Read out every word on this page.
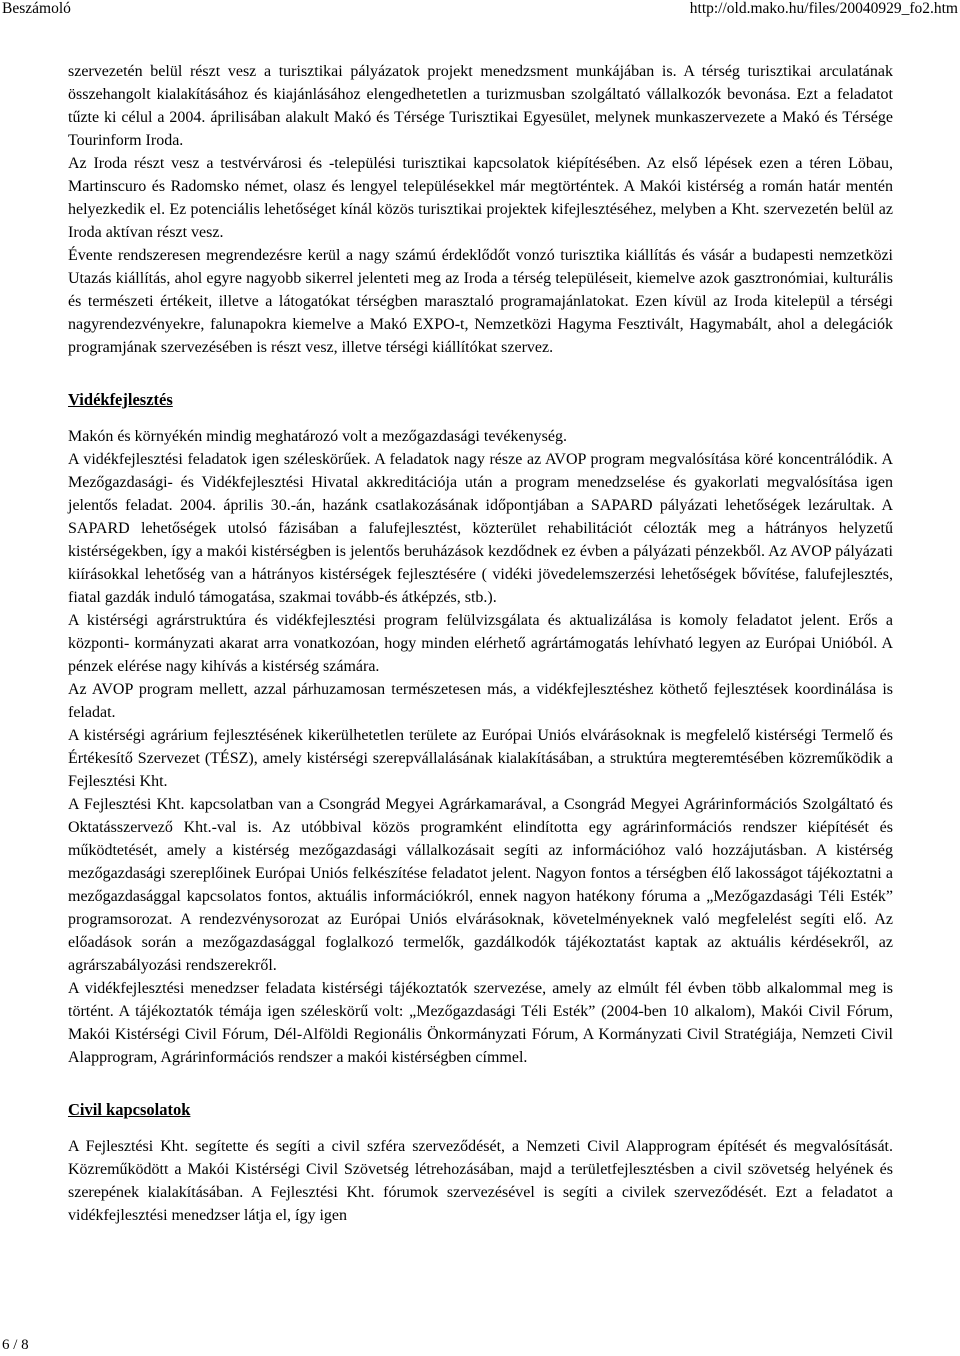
Beszámoló	http://old.mako.hu/files/20040929_fo2.htm

szervezetén belül részt vesz a turisztikai pályázatok projekt menedzsment munkájában is. A térség turisztikai arculatának összehangolt kialakításához és kiajánlásához elengedhetetlen a turizmusban szolgáltató vállalkozók bevonása. Ezt a feladatot tűzte ki célul a 2004. áprilisában alakult Makó és Térsége Turisztikai Egyesület, melynek munkaszervezete a Makó és Térsége Tourinform Iroda.

Az Iroda részt vesz a testvérvárosi és -települési turisztikai kapcsolatok kiépítésében. Az első lépések ezen a téren Löbau, Martinscuro és Radomsko német, olasz és lengyel településekkel már megtörténtek. A Makói kistérség a román határ mentén helyezkedik el. Ez potenciális lehetőséget kínál közös turisztikai projektek kifejlesztéséhez, melyben a Kht. szervezetén belül az Iroda aktívan részt vesz.

Évente rendszeresen megrendezésre kerül a nagy számú érdeklődőt vonzó turisztika kiállítás és vásár a budapesti nemzetközi Utazás kiállítás, ahol egyre nagyobb sikerrel jelenteti meg az Iroda a térség településeit, kiemelve azok gasztronómiai, kulturális és természeti értékeit, illetve a látogatókat térségben marasztaló programajánlatokat. Ezen kívül az Iroda kitelepül a térségi nagyrendezvényekre, falunapokra kiemelve a Makó EXPO-t, Nemzetközi Hagyma Fesztivált, Hagymabált, ahol a delegációk programjának szervezésében is részt vesz, illetve térségi kiállítókat szervez.

Vidékfejlesztés

Makón és környékén mindig meghatározó volt a mezőgazdasági tevékenység.

A vidékfejlesztési feladatok igen széleskörűek. A feladatok nagy része az AVOP program megvalósítása köré koncentrálódik. A Mezőgazdasági- és Vidékfejlesztési Hivatal akkreditációja után a program menedzselése és gyakorlati megvalósítása igen jelentős feladat. 2004. április 30.-án, hazánk csatlakozásának időpontjában a SAPARD pályázati lehetőségek lezárultak. A SAPARD lehetőségek utolsó fázisában a falufejlesztést, közterület rehabilitációt célozták meg a hátrányos helyzetű kistérségekben, így a makói kistérségben is jelentős beruházások kezdődnek ez évben a pályázati pénzekből. Az AVOP pályázati kiírásokkal lehetőség van a hátrányos kistérségek fejlesztésére ( vidéki jövedelemszerzési lehetőségek bővítése, falufejlesztés, fiatal gazdák induló támogatása, szakmai tovább-és átképzés, stb.).

A kistérségi agrárstruktúra és vidékfejlesztési program felülvizsgálata és aktualizálása is komoly feladatot jelent. Erős a központi- kormányzati akarat arra vonatkozóan, hogy minden elérhető agrártámogatás lehívható legyen az Európai Unióból. A pénzek elérése nagy kihívás a kistérség számára.

Az AVOP program mellett, azzal párhuzamosan természetesen más, a vidékfejlesztéshez köthető fejlesztések koordinálása is feladat.

A kistérségi agrárium fejlesztésének kikerülhetetlen területe az Európai Uniós elvárásoknak is megfelelő kistérségi Termelő és Értékesítő Szervezet (TÉSZ), amely kistérségi szerepvállalásának kialakításában, a struktúra megteremtésében közreműködik a Fejlesztési Kht.

A Fejlesztési Kht. kapcsolatban van a Csongrád Megyei Agrárkamarával, a Csongrád Megyei Agrárinformációs Szolgáltató és Oktatásszervező Kht.-val is. Az utóbbival közös programként elindította egy agrárinformációs rendszer kiépítését és működtetését, amely a kistérség mezőgazdasági vállalkozásait segíti az információhoz való hozzájutásban. A kistérség mezőgazdasági szereplőinek Európai Uniós felkészítése feladatot jelent. Nagyon fontos a térségben élő lakosságot tájékoztatni a mezőgazdasággal kapcsolatos fontos, aktuális információkról, ennek nagyon hatékony fóruma a „Mezőgazdasági Téli Esték” programsorozat. A rendezvénysorozat az Európai Uniós elvárásoknak, követelményeknek való megfelelést segíti elő. Az előadások során a mezőgazdasággal foglalkozó termelők, gazdálkodók tájékoztatást kaptak az aktuális kérdésekről, az agrárszabályozási rendszerekről.

A vidékfejlesztési menedzser feladata kistérségi tájékoztatók szervezése, amely az elmúlt fél évben több alkalommal meg is történt. A tájékoztatók témája igen széleskörű volt: „Mezőgazdasági Téli Esték” (2004-ben 10 alkalom), Makói Civil Fórum, Makói Kistérségi Civil Fórum, Dél-Alföldi Regionális Önkormányzati Fórum, A Kormányzati Civil Stratégiája, Nemzeti Civil Alapprogram, Agrárinformációs rendszer a makói kistérségben címmel.

Civil kapcsolatok

A Fejlesztési Kht. segítette és segíti a civil szféra szerveződését, a Nemzeti Civil Alapprogram építését és megvalósítását. Közreműködött a Makói Kistérségi Civil Szövetség létrehozásában, majd a területfejlesztésben a civil szövetség helyének és szerepének kialakításában. A Fejlesztési Kht. fórumok szervezésével is segíti a civilek szerveződését. Ezt a feladatot a vidékfejlesztési menedzser látja el, így igen

6 / 8
